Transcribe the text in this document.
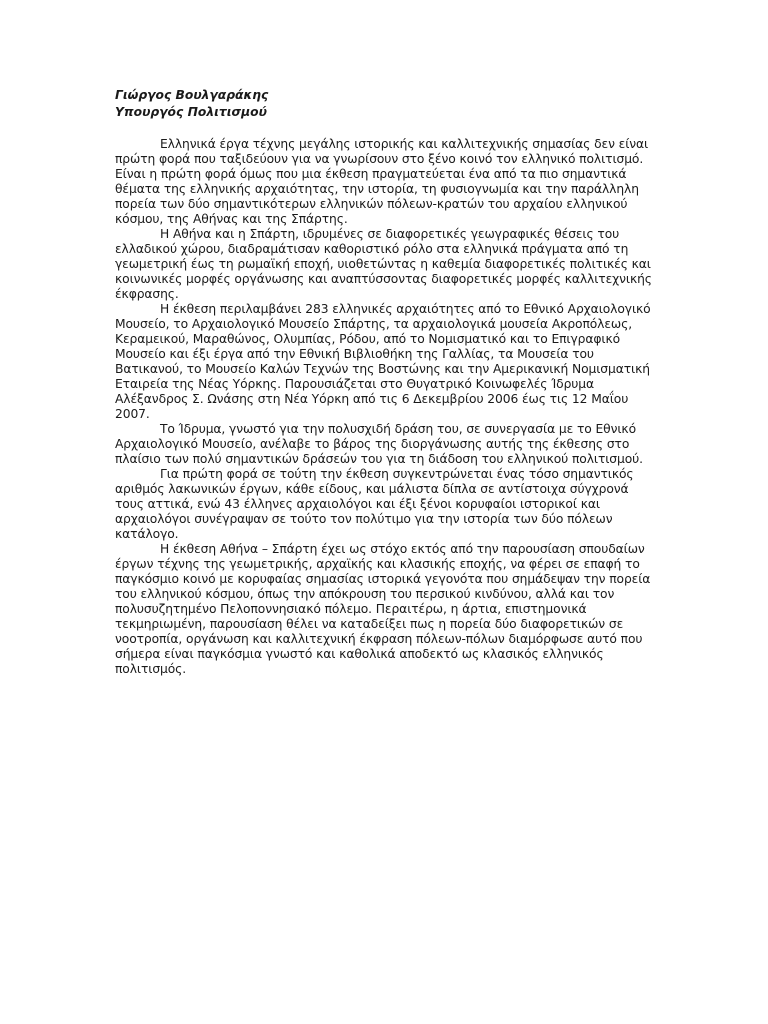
Γιώργος Βουλγαράκης

Υπουργός Πολιτισμού

Ελληνικά έργα τέχνης μεγάλης ιστορικής και καλλιτεχνικής σημασίας δεν είναι πρώτη φορά που ταξιδεύουν για να γνωρίσουν στο ξένο κοινό τον ελληνικό πολιτισμό. Είναι η πρώτη φορά όμως που μια έκθεση πραγματεύεται ένα από τα πιο σημαντικά θέματα της ελληνικής αρχαιότητας, την ιστορία, τη φυσιογνωμία και την παράλληλη πορεία των δύο σημαντικότερων ελληνικών πόλεων-κρατών του αρχαίου ελληνικού κόσμου, της Αθήνας και της Σπάρτης.

Η Αθήνα και η Σπάρτη, ιδρυμένες σε διαφορετικές γεωγραφικές θέσεις του ελλαδικού χώρου, διαδραμάτισαν καθοριστικό ρόλο στα ελληνικά πράγματα από τη γεωμετρική έως τη ρωμαϊκή εποχή, υιοθετώντας η καθεμία διαφορετικές πολιτικές και κοινωνικές μορφές οργάνωσης και αναπτύσσοντας διαφορετικές μορφές καλλιτεχνικής έκφρασης.

Η έκθεση περιλαμβάνει 283 ελληνικές αρχαιότητες από το Εθνικό Αρχαιολογικό Μουσείο, το Αρχαιολογικό Μουσείο Σπάρτης, τα αρχαιολογικά μουσεία Ακροπόλεως, Κεραμεικού, Μαραθώνος, Ολυμπίας, Ρόδου, από το Νομισματικό και το Επιγραφικό Μουσείο και έξι έργα από την Εθνική Βιβλιοθήκη της Γαλλίας, τα Μουσεία του Βατικανού, το Μουσείο Καλών Τεχνών της Βοστώνης και την Αμερικανική Νομισματική Εταιρεία της Νέας Υόρκης. Παρουσιάζεται στο Θυγατρικό Κοινωφελές Ίδρυμα Αλέξανδρος Σ. Ωνάσης στη Νέα Υόρκη από τις 6 Δεκεμβρίου 2006 έως τις 12 Μαΐου 2007.

Το Ίδρυμα, γνωστό για την πολυσχιδή δράση του, σε συνεργασία με το Εθνικό Αρχαιολογικό Μουσείο, ανέλαβε το βάρος της διοργάνωσης αυτής της έκθεσης στο πλαίσιο των πολύ σημαντικών δράσεών του για τη διάδοση του ελληνικού πολιτισμού.

Για πρώτη φορά σε τούτη την έκθεση συγκεντρώνεται ένας τόσο σημαντικός αριθμός λακωνικών έργων, κάθε είδους, και μάλιστα δίπλα σε αντίστοιχα σύγχρονά τους αττικά, ενώ 43 έλληνες αρχαιολόγοι και έξι ξένοι κορυφαίοι ιστορικοί και αρχαιολόγοι συνέγραψαν σε τούτο τον πολύτιμο για την ιστορία των δύο πόλεων κατάλογο.

Η έκθεση Αθήνα – Σπάρτη έχει ως στόχο εκτός από την παρουσίαση σπουδαίων έργων τέχνης της γεωμετρικής, αρχαϊκής και κλασικής εποχής, να φέρει σε επαφή το παγκόσμιο κοινό με κορυφαίας σημασίας ιστορικά γεγονότα που σημάδεψαν την πορεία του ελληνικού κόσμου, όπως την απόκρουση του περσικού κινδύνου, αλλά και τον πολυσυζητημένο Πελοποννησιακό πόλεμο. Περαιτέρω, η άρτια, επιστημονικά τεκμηριωμένη, παρουσίαση θέλει να καταδείξει πως η πορεία δύο διαφορετικών σε νοοτροπία, οργάνωση και καλλιτεχνική έκφραση πόλεων-πόλων διαμόρφωσε αυτό που σήμερα είναι παγκόσμια γνωστό και καθολικά αποδεκτό ως κλασικός ελληνικός πολιτισμός.
